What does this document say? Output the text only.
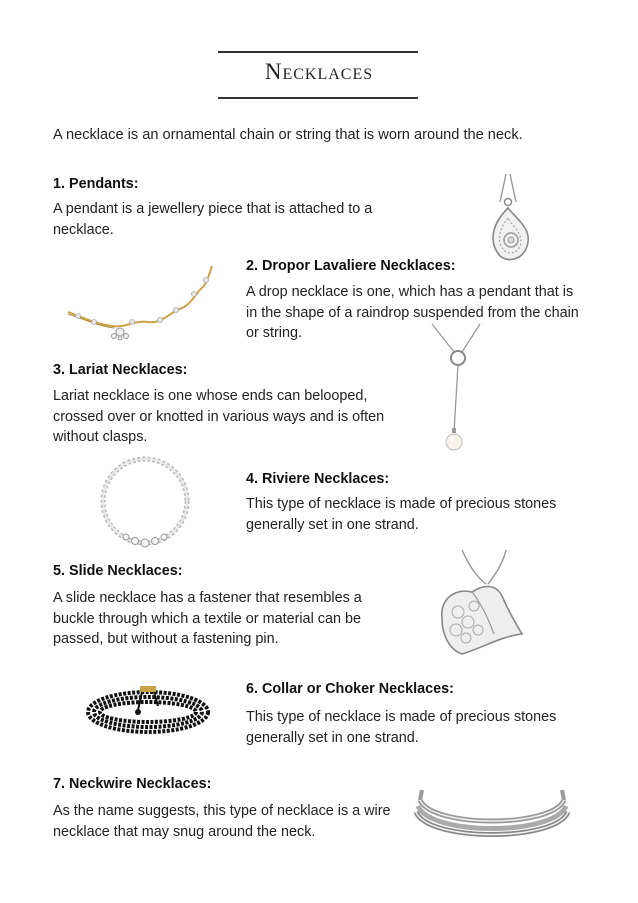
Necklaces
A necklace is an ornamental chain or string that is worn around the neck.
1. Pendants:
A pendant is a jewellery piece that is attached to a necklace.
2. Dropor Lavaliere Necklaces:
A drop necklace is one, which has a pendant that is in the shape of a raindrop suspended from the chain or string.
3. Lariat Necklaces:
Lariat necklace is one whose ends can belooped, crossed over or knotted in various ways and is often without clasps.
4. Riviere Necklaces:
This type of necklace is made of precious stones generally set in one strand.
5. Slide Necklaces:
A slide necklace has a fastener that resembles a buckle through which a textile or material can be passed, but without a fastening pin.
6. Collar or Choker Necklaces:
This type of necklace is made of precious stones generally set in one strand.
7. Neckwire Necklaces:
As the name suggests, this type of necklace is a wire necklace that may snug around the neck.
